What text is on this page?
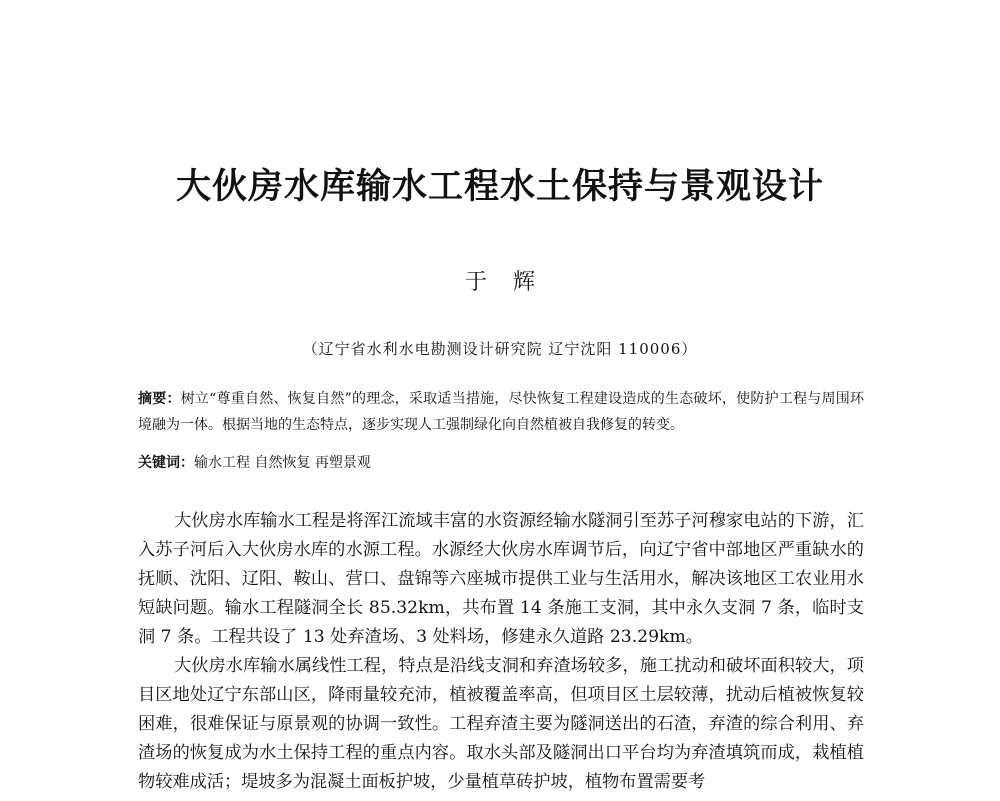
大伙房水库输水工程水土保持与景观设计
于辉
（辽宁省水利水电勘测设计研究院 辽宁沈阳 110006）

摘要：树立“尊重自然、恢复自然”的理念，采取适当措施，尽快恢复工程建设造成的生态破坏，使防护工程与周围环境融为一体。根据当地的生态特点，逐步实现人工强制绿化向自然植被自我修复的转变。

关键词：输水工程 自然恢复 再塑景观

大伙房水库输水工程是将浑江流域丰富的水资源经输水隧洞引至苏子河穆家电站的下游，汇入苏子河后入大伙房水库的水源工程。水源经大伙房水库调节后，向辽宁省中部地区严重缺水的抚顺、沈阳、辽阳、鞍山、营口、盘锦等六座城市提供工业与生活用水，解决该地区工农业用水短缺问题。输水工程隧洞全长 85.32km，共布置 14 条施工支洞，其中永久支洞 7 条，临时支洞 7 条。工程共设了 13 处弃渣场、3 处料场，修建永久道路 23.29km。

大伙房水库输水属线性工程，特点是沿线支洞和弃渣场较多，施工扰动和破坏面积较大，项目区地处辽宁东部山区，降雨量较充沛，植被覆盖率高，但项目区土层较薄，扰动后植被恢复较困难，很难保证与原景观的协调一致性。工程弃渣主要为隧洞送出的石渣，弃渣的综合利用、弃渣场的恢复成为水土保持工程的重点内容。取水头部及隧洞出口平台均为弃渣填筑而成，栽植植物较难成活；堤坡多为混凝土面板护坡，少量植草砖护坡，植物布置需要考
